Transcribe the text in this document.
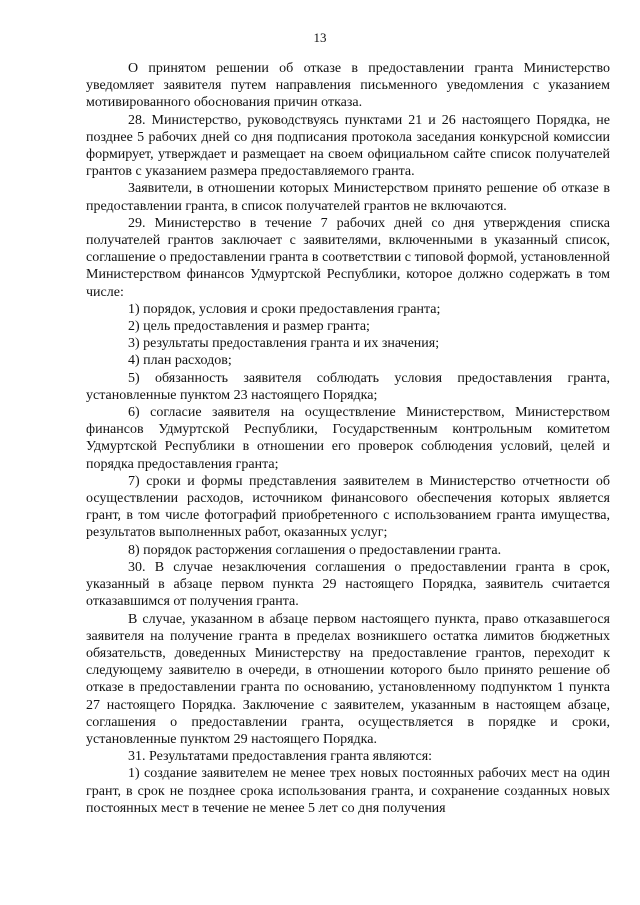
13

О принятом решении об отказе в предоставлении гранта Министерство уведомляет заявителя путем направления письменного уведомления с указанием мотивированного обоснования причин отказа.

28. Министерство, руководствуясь пунктами 21 и 26 настоящего Порядка, не позднее 5 рабочих дней со дня подписания протокола заседания конкурсной комиссии формирует, утверждает и размещает на своем официальном сайте список получателей грантов с указанием размера предоставляемого гранта.

Заявители, в отношении которых Министерством принято решение об отказе в предоставлении гранта, в список получателей грантов не включаются.

29. Министерство в течение 7 рабочих дней со дня утверждения списка получателей грантов заключает с заявителями, включенными в указанный список, соглашение о предоставлении гранта в соответствии с типовой формой, установленной Министерством финансов Удмуртской Республики, которое должно содержать в том числе:

1) порядок, условия и сроки предоставления гранта;

2) цель предоставления и размер гранта;

3) результаты предоставления гранта и их значения;

4) план расходов;

5) обязанность заявителя соблюдать условия предоставления гранта, установленные пунктом 23 настоящего Порядка;

6) согласие заявителя на осуществление Министерством, Министерством финансов Удмуртской Республики, Государственным контрольным комитетом Удмуртской Республики в отношении его проверок соблюдения условий, целей и порядка предоставления гранта;

7) сроки и формы представления заявителем в Министерство отчетности об осуществлении расходов, источником финансового обеспечения которых является грант, в том числе фотографий приобретенного с использованием гранта имущества, результатов выполненных работ, оказанных услуг;

8) порядок расторжения соглашения о предоставлении гранта.

30. В случае незаключения соглашения о предоставлении гранта в срок, указанный в абзаце первом пункта 29 настоящего Порядка, заявитель считается отказавшимся от получения гранта.

В случае, указанном в абзаце первом настоящего пункта, право отказавшегося заявителя на получение гранта в пределах возникшего остатка лимитов бюджетных обязательств, доведенных Министерству на предоставление грантов, переходит к следующему заявителю в очереди, в отношении которого было принято решение об отказе в предоставлении гранта по основанию, установленному подпунктом 1 пункта 27 настоящего Порядка. Заключение с заявителем, указанным в настоящем абзаце, соглашения о предоставлении гранта, осуществляется в порядке и сроки, установленные пунктом 29 настоящего Порядка.

31. Результатами предоставления гранта являются:

1) создание заявителем не менее трех новых постоянных рабочих мест на один грант, в срок не позднее срока использования гранта, и сохранение созданных новых постоянных мест в течение не менее 5 лет со дня получения
